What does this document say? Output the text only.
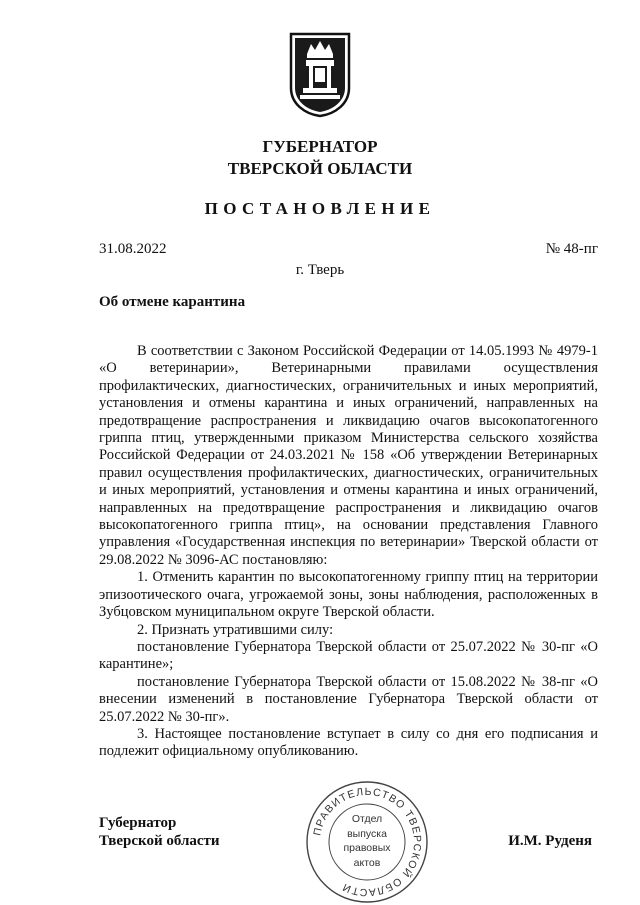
ГУБЕРНАТОР
ТВЕРСКОЙ ОБЛАСТИ
ПОСТАНОВЛЕНИЕ
31.08.2022	№ 48-пг
г. Тверь
Об отмене карантина

В соответствии с Законом Российской Федерации от 14.05.1993 № 4979-1 «О ветеринарии», Ветеринарными правилами осуществления профилактических, диагностических, ограничительных и иных мероприятий, установления и отмены карантина и иных ограничений, направленных на предотвращение распространения и ликвидацию очагов высокопатогенного гриппа птиц, утвержденными приказом Министерства сельского хозяйства Российской Федерации от 24.03.2021 № 158 «Об утверждении Ветеринарных правил осуществления профилактических, диагностических, ограничительных и иных мероприятий, установления и отмены карантина и иных ограничений, направленных на предотвращение распространения и ликвидацию очагов высокопатогенного гриппа птиц», на основании представления Главного управления «Государственная инспекция по ветеринарии» Тверской области от 29.08.2022 № 3096-АС постановляю:

1. Отменить карантин по высокопатогенному гриппу птиц на территории эпизоотического очага, угрожаемой зоны, зоны наблюдения, расположенных в Зубцовском муниципальном округе Тверской области.

2. Признать утратившими силу:

постановление Губернатора Тверской области от 25.07.2022 № 30-пг «О карантине»;

постановление Губернатора Тверской области от 15.08.2022 № 38-пг «О внесении изменений в постановление Губернатора Тверской области от 25.07.2022 № 30-пг».

3. Настоящее постановление вступает в силу со дня его подписания и подлежит официальному опубликованию.

Губернатор
Тверской области	И.М. Руденя
ПРАВИТЕЛЬСТВО ТВЕРСКОЙ ОБЛАСТИ
Отдел
выпуска
правовых
актов
